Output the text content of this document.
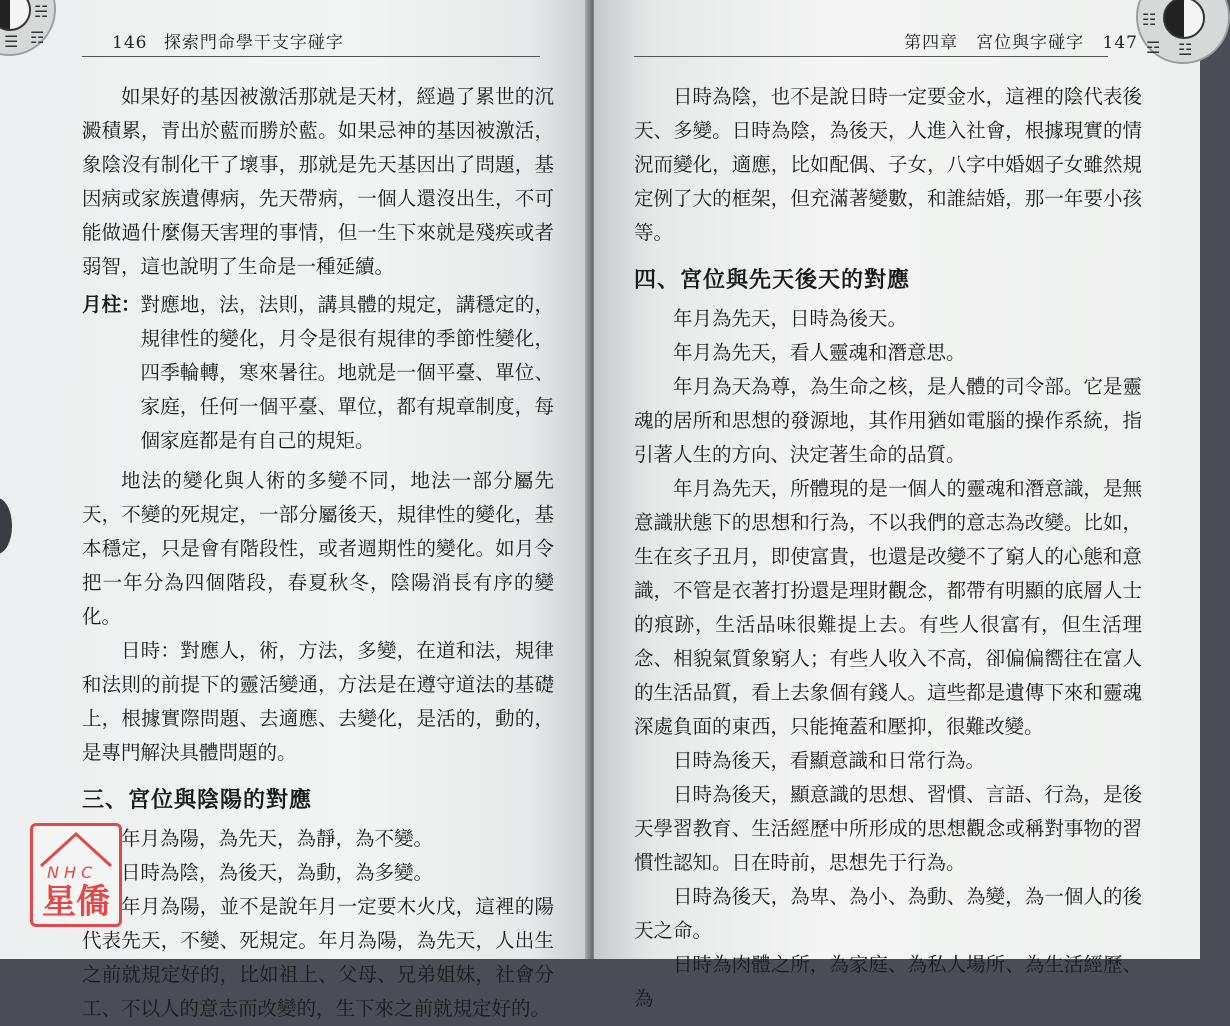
☰
☵
☶	146 探索門命學干支字碰字

如果好的基因被激活那就是天材，經過了累世的沉澱積累，青出於藍而勝於藍。如果忌神的基因被激活，象陰沒有制化干了壞事，那就是先天基因出了問題，基因病或家族遺傳病，先天帶病，一個人還沒出生，不可能做過什麼傷天害理的事情，但一生下來就是殘疾或者弱智，這也說明了生命是一種延續。

月柱： 對應地，法，法則，講具體的規定，講穩定的，規律性的變化，月令是很有規律的季節性變化，四季輪轉，寒來暑往。地就是一個平臺、單位、家庭，任何一個平臺、單位，都有規章制度，每個家庭都是有自己的規矩。

地法的變化與人術的多變不同，地法一部分屬先天，不變的死規定，一部分屬後天，規律性的變化，基本穩定，只是會有階段性，或者週期性的變化。如月令把一年分為四個階段，春夏秋冬，陰陽消長有序的變化。

日時：對應人，術，方法，多變，在道和法，規律和法則的前提下的靈活變通，方法是在遵守道法的基礎上，根據實際問題、去適應、去變化，是活的，動的，是專門解決具體問題的。

三、宮位與陰陽的對應

年月為陽，為先天，為靜，為不變。

日時為陰，為後天，為動，為多變。

年月為陽，並不是說年月一定要木火戊，這裡的陽代表先天，不變、死規定。年月為陽，為先天，人出生之前就規定好的，比如祖上、父母、兄弟姐妹，社會分工、不以人的意志而改變的，生下來之前就規定好的。

N H C
星僑
☷
☳
☲
第四章　宮位與字碰字 147

日時為陰，也不是說日時一定要金水，這裡的陰代表後天、多變。日時為陰，為後天，人進入社會，根據現實的情況而變化，適應，比如配偶、子女，八字中婚姻子女雖然規定例了大的框架，但充滿著變數，和誰結婚，那一年要小孩等。

四、宮位與先天後天的對應

年月為先天，日時為後天。

年月為先天，看人靈魂和潛意思。

年月為天為尊，為生命之核，是人體的司令部。它是靈魂的居所和思想的發源地，其作用猶如電腦的操作系統，指引著人生的方向、決定著生命的品質。

年月為先天，所體現的是一個人的靈魂和潛意識，是無意識狀態下的思想和行為，不以我們的意志為改變。比如，生在亥子丑月，即使富貴，也還是改變不了窮人的心態和意識，不管是衣著打扮還是理財觀念，都帶有明顯的底層人士的痕跡，生活品味很難提上去。有些人很富有，但生活理念、相貌氣質象窮人；有些人收入不高，卻偏偏嚮往在富人的生活品質，看上去象個有錢人。這些都是遺傳下來和靈魂深處負面的東西，只能掩蓋和壓抑，很難改變。

日時為後天，看顯意識和日常行為。

日時為後天，顯意識的思想、習慣、言語、行為，是後天學習教育、生活經歷中所形成的思想觀念或稱對事物的習慣性認知。日在時前，思想先于行為。

日時為後天，為卑、為小、為動、為變，為一個人的後天之命。

日時為肉體之所，為家庭、為私人場所、為生活經歷、為
